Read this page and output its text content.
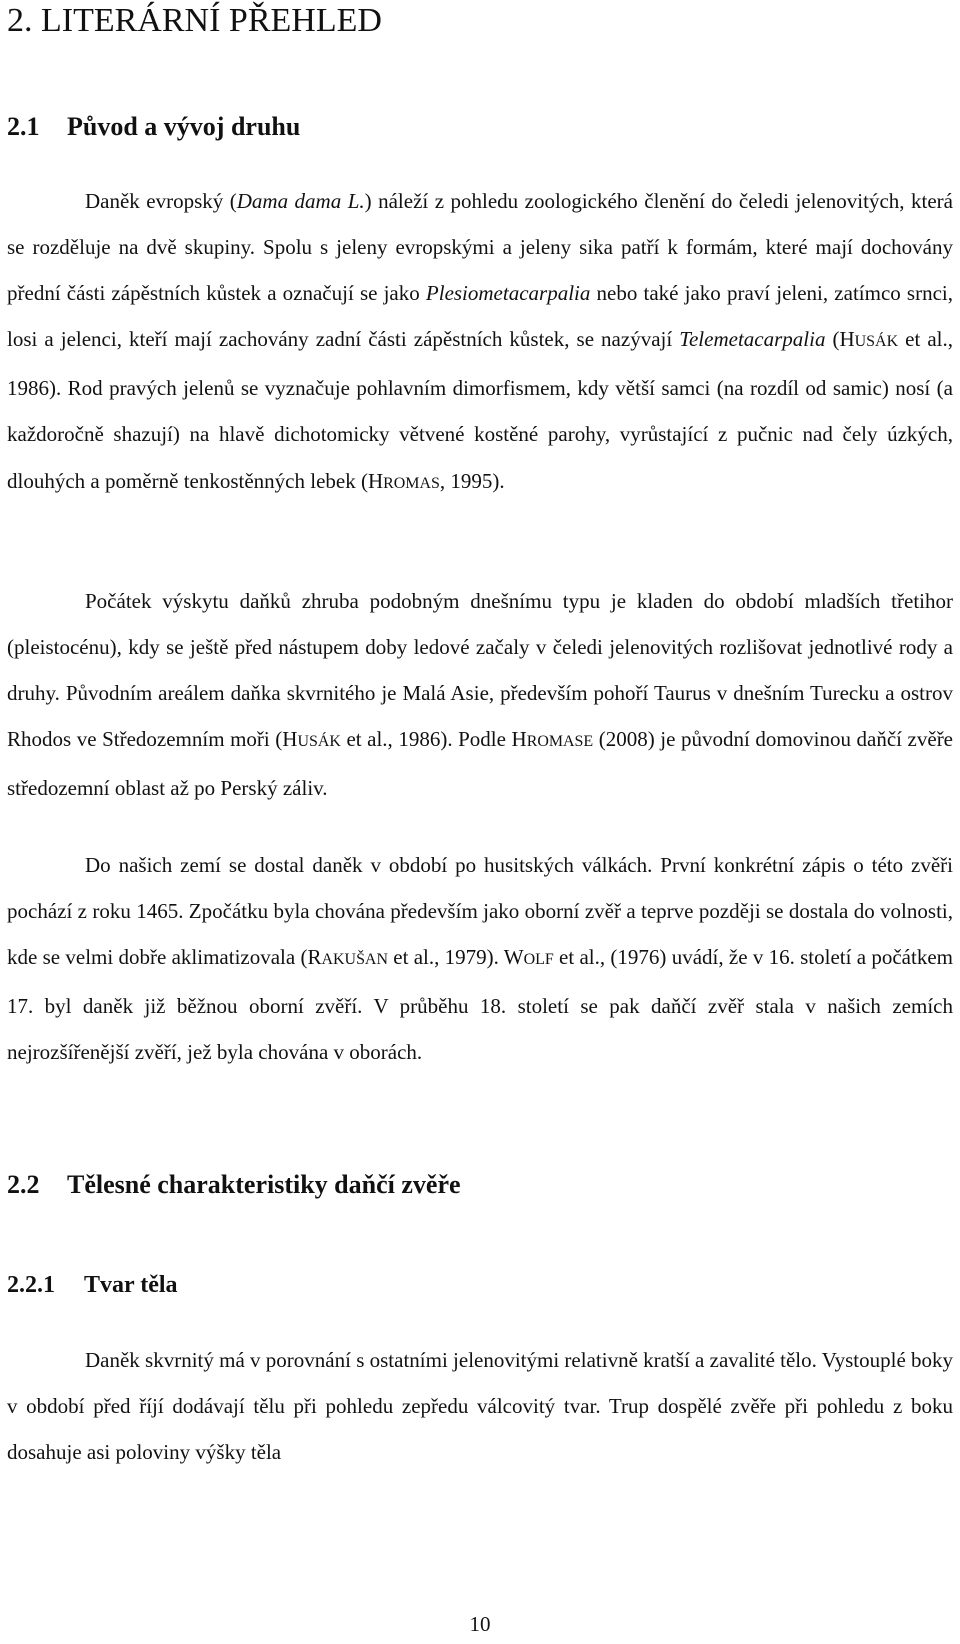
2. LITERÁRNÍ PŘEHLED
2.1 Původ a vývoj druhu

Daněk evropský (Dama dama L.) náleží z pohledu zoologického členění do čeledi jelenovitých, která se rozděluje na dvě skupiny. Spolu s jeleny evropskými a jeleny sika patří k formám, které mají dochovány přední části zápěstních kůstek a označují se jako Plesiometacarpalia nebo také jako praví jeleni, zatímco srnci, losi a jelenci, kteří mají zachovány zadní části zápěstních kůstek, se nazývají Telemetacarpalia (HUSÁK et al., 1986). Rod pravých jelenů se vyznačuje pohlavním dimorfismem, kdy větší samci (na rozdíl od samic) nosí (a každoročně shazují) na hlavě dichotomicky větvené kostěné parohy, vyrůstající z pučnic nad čely úzkých, dlouhých a poměrně tenkostěnných lebek (HROMAS, 1995).

Počátek výskytu daňků zhruba podobným dnešnímu typu je kladen do období mladších třetihor (pleistocénu), kdy se ještě před nástupem doby ledové začaly v čeledi jelenovitých rozlišovat jednotlivé rody a druhy. Původním areálem daňka skvrnitého je Malá Asie, především pohoří Taurus v dnešním Turecku a ostrov Rhodos ve Středozemním moři (HUSÁK et al., 1986). Podle HROMASE (2008) je původní domovinou daňčí zvěře středozemní oblast až po Perský záliv.

Do našich zemí se dostal daněk v období po husitských válkách. První konkrétní zápis o této zvěři pochází z roku 1465. Zpočátku byla chována především jako oborní zvěř a teprve později se dostala do volnosti, kde se velmi dobře aklimatizovala (RAKUŠAN et al., 1979). WOLF et al., (1976) uvádí, že v 16. století a počátkem 17. byl daněk již běžnou oborní zvěří. V průběhu 18. století se pak daňčí zvěř stala v našich zemích nejrozšířenější zvěří, jež byla chována v oborách.

2.2 Tělesné charakteristiky daňčí zvěře
2.2.1 Tvar těla

Daněk skvrnitý má v porovnání s ostatními jelenovitými relativně kratší a zavalité tělo. Vystouplé boky v období před říjí dodávají tělu při pohledu zepředu válcovitý tvar. Trup dospělé zvěře při pohledu z boku dosahuje asi poloviny výšky těla

10
